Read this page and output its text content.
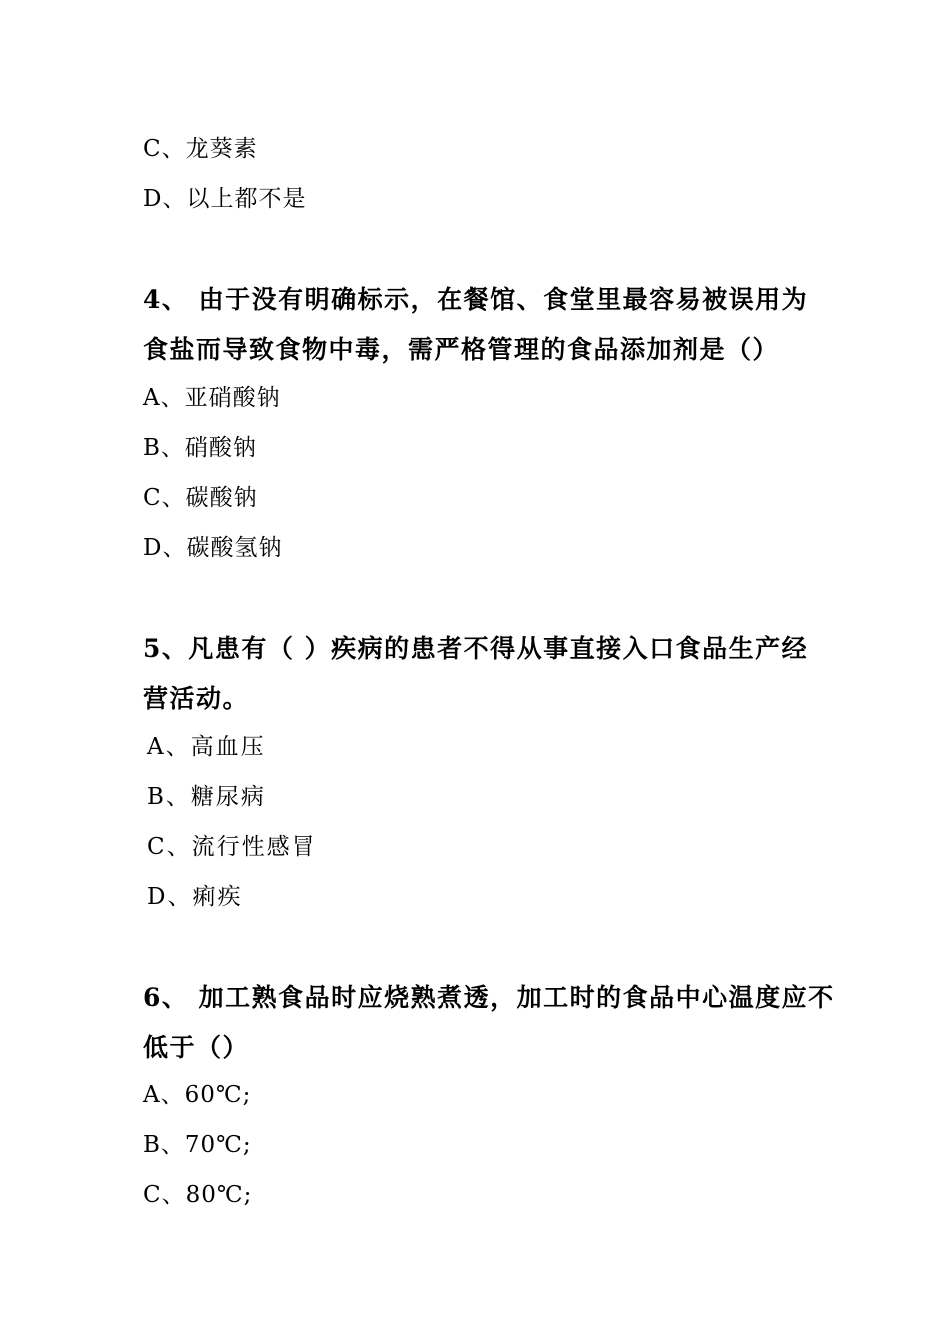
C、龙葵素
D、以上都不是
4、 由于没有明确标示，在餐馆、食堂里最容易被误用为
食盐而导致食物中毒，需严格管理的食品添加剂是（）
A、亚硝酸钠
B、硝酸钠
C、碳酸钠
D、碳酸氢钠
5、凡患有（ ）疾病的患者不得从事直接入口食品生产经
营活动。
A、高血压
B、糖尿病
C、流行性感冒
D、痢疾
6、 加工熟食品时应烧熟煮透，加工时的食品中心温度应不
低于（）
A、60℃;
B、70℃;
C、80℃;
